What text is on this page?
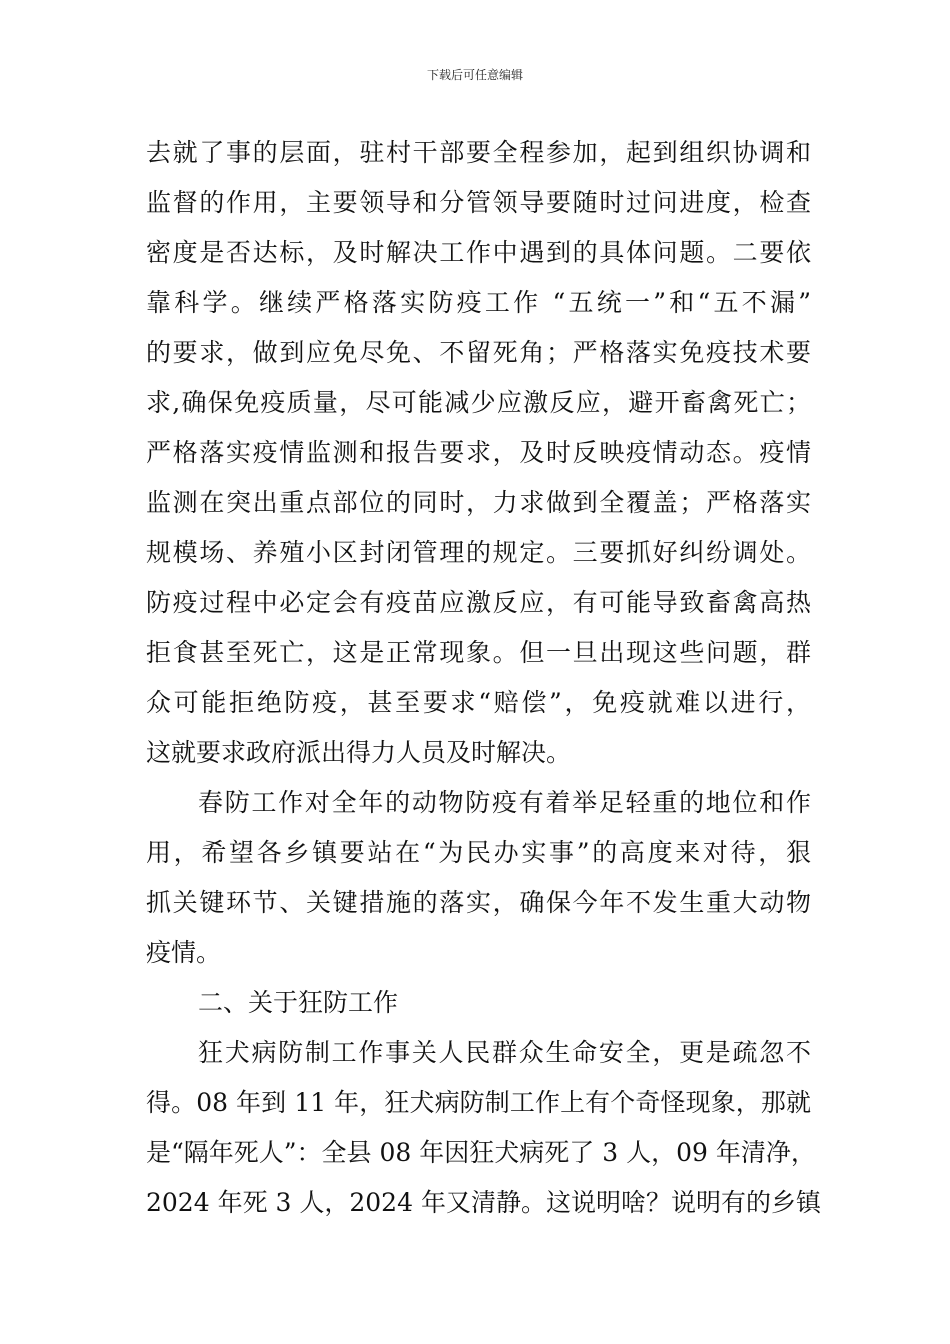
下载后可任意编辑
去就了事的层面，驻村干部要全程参加，起到组织协调和
监督的作用，主要领导和分管领导要随时过问进度，检查
密度是否达标，及时解决工作中遇到的具体问题。二要依
靠科学。继续严格落实防疫工作 “五统一”和“五不漏”
的要求，做到应免尽免、不留死角；严格落实免疫技术要
求,确保免疫质量，尽可能减少应激反应，避开畜禽死亡；
严格落实疫情监测和报告要求，及时反映疫情动态。疫情
监测在突出重点部位的同时，力求做到全覆盖；严格落实
规模场、养殖小区封闭管理的规定。三要抓好纠纷调处。
防疫过程中必定会有疫苗应激反应，有可能导致畜禽高热
拒食甚至死亡，这是正常现象。但一旦出现这些问题，群
众可能拒绝防疫，甚至要求“赔偿”，免疫就难以进行，
这就要求政府派出得力人员及时解决。
春防工作对全年的动物防疫有着举足轻重的地位和作
用，希望各乡镇要站在“为民办实事”的高度来对待，狠
抓关键环节、关键措施的落实，确保今年不发生重大动物
疫情。
二、关于狂防工作
狂犬病防制工作事关人民群众生命安全，更是疏忽不
得。08 年到 11 年，狂犬病防制工作上有个奇怪现象，那就
是“隔年死人”：全县 08 年因狂犬病死了 3 人，09 年清净，
2024 年死 3 人，2024 年又清静。这说明啥？说明有的乡镇
